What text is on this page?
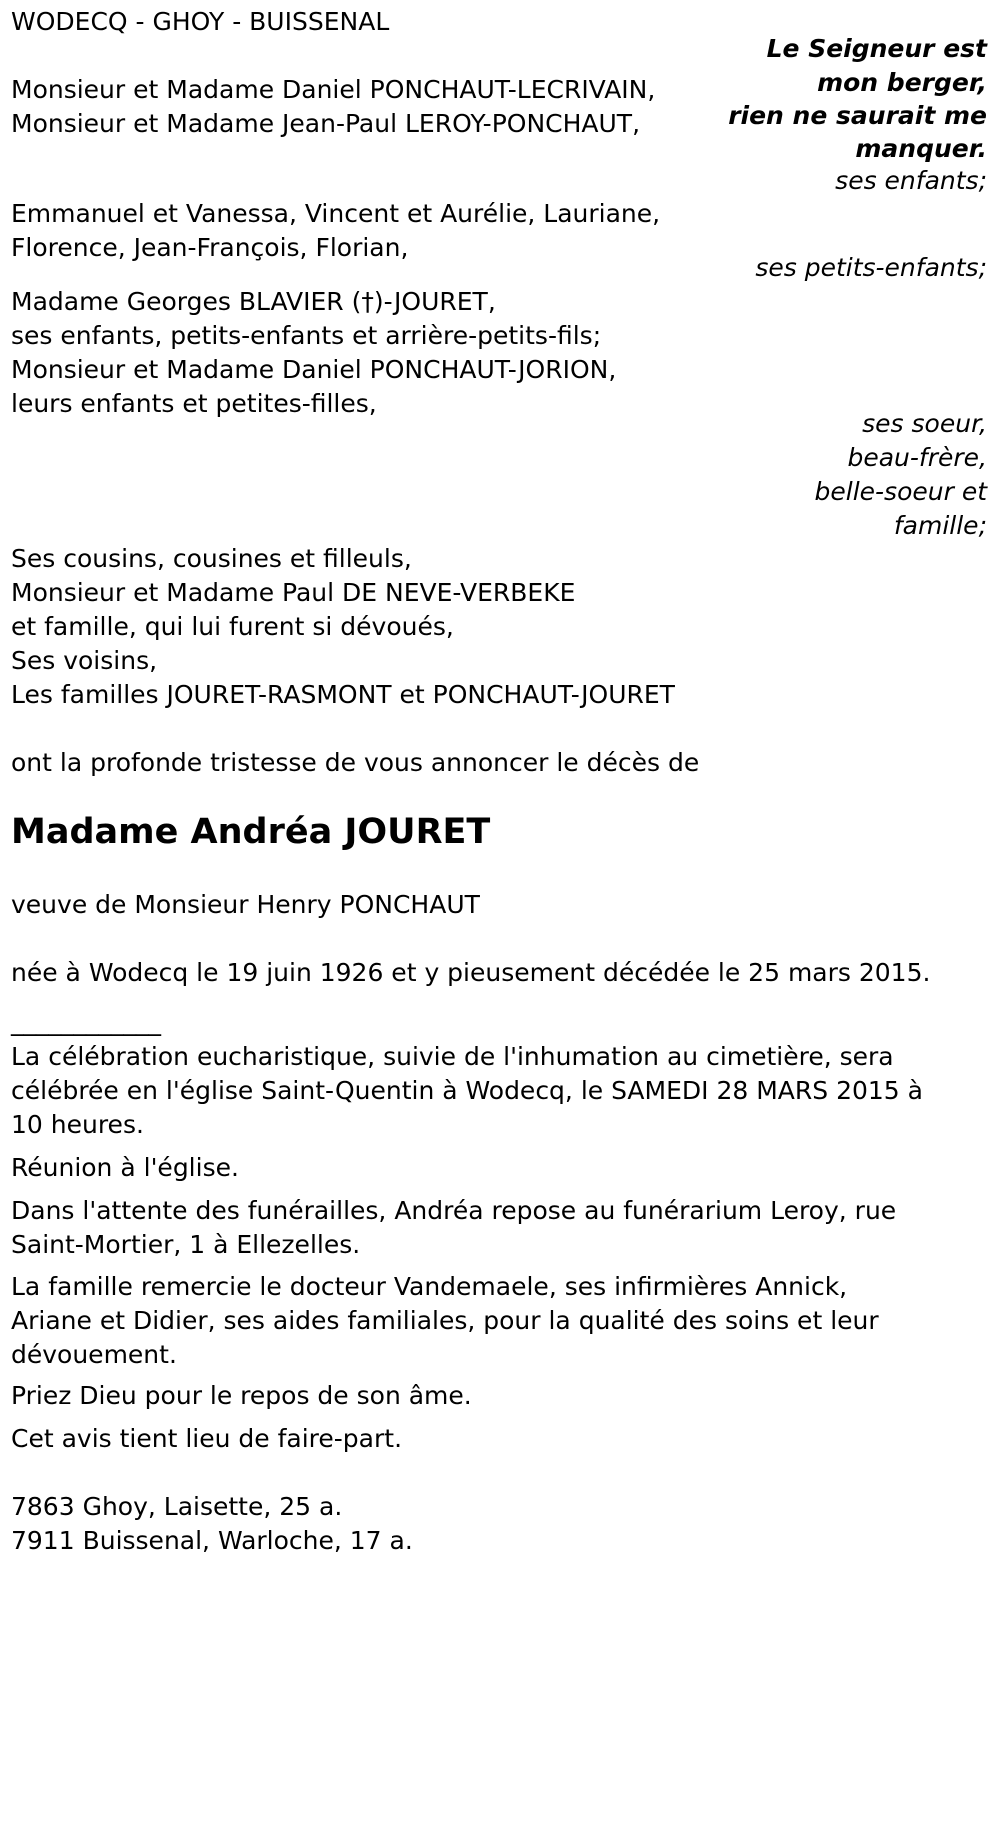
WODECQ - GHOY - BUISSENAL
Le Seigneur est
mon berger,
rien ne saurait me
manquer.
Monsieur et Madame Daniel PONCHAUT-LECRIVAIN,
Monsieur et Madame Jean-Paul LEROY-PONCHAUT,
ses enfants;
Emmanuel et Vanessa, Vincent et Aurélie, Lauriane,
Florence, Jean-François, Florian,
ses petits-enfants;
Madame Georges BLAVIER (†)-JOURET,
ses enfants, petits-enfants et arrière-petits-fils;
Monsieur et Madame Daniel PONCHAUT-JORION,
leurs enfants et petites-filles,
ses soeur,
beau-frère,
belle-soeur et
famille;
Ses cousins, cousines et filleuls,
Monsieur et Madame Paul DE NEVE-VERBEKE
et famille, qui lui furent si dévoués,
Ses voisins,
Les familles JOURET-RASMONT et PONCHAUT-JOURET
ont la profonde tristesse de vous annoncer le décès de
Madame Andréa JOURET
veuve de Monsieur Henry PONCHAUT
née à Wodecq le 19 juin 1926 et y pieusement décédée le 25 mars 2015.
____________
La célébration eucharistique, suivie de l'inhumation au cimetière, sera
célébrée en l'église Saint-Quentin à Wodecq, le SAMEDI 28 MARS 2015 à
10 heures.
Réunion à l'église.
Dans l'attente des funérailles, Andréa repose au funérarium Leroy, rue
Saint-Mortier, 1 à Ellezelles.
La famille remercie le docteur Vandemaele, ses infirmières Annick,
Ariane et Didier, ses aides familiales, pour la qualité des soins et leur
dévouement.
Priez Dieu pour le repos de son âme.
Cet avis tient lieu de faire-part.
7863 Ghoy, Laisette, 25 a.
7911 Buissenal, Warloche, 17 a.
